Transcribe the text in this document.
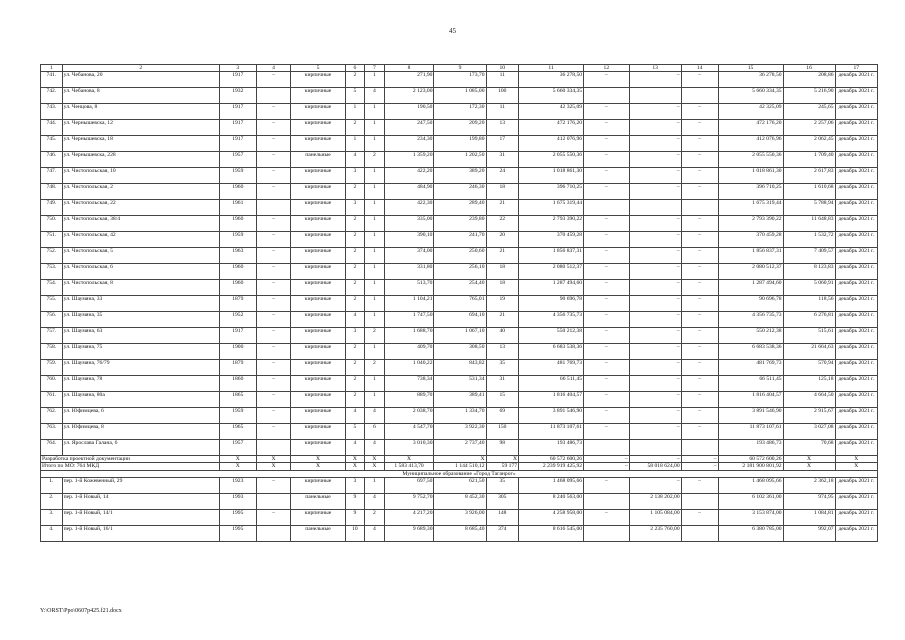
45
1	2	3	4	5	6	7	8	9	10	11	12	13	14	15	16	17
741.	ул. Чебанова, 20	1917	–	кирпичные	2	1	271,90	173,70	11	36 278,50	–	–	–	36 278,50	208,86	декабрь 2021 г.
742.	ул. Чебанова, 8	1932		кирпичные	5	4	2 123,00	1 085,00	100	5 660 334,35				5 660 334,35	5 216,90	декабрь 2021 г.
743.	ул. Ченцова, 8	1917	–	кирпичные	1	1	190,50	172,30	11	42 325,09	–	–	–	42 325,09	245,65	декабрь 2021 г.
744.	ул. Чернышевска, 12	1917	–	кирпичные	2	1	247,50	209,20	13	472 176,20	–	–	–	472 176,20	2 257,06	декабрь 2021 г.
745.	ул. Чернышевска, 18	1917	–	кирпичные	1	1	234,30	199,80	17	412 076,96	–	–	–	412 076,96	2 062,45	декабрь 2021 г.
746.	ул. Чернышевска, 228	1957	–	панельные	4	2	1 359,20	1 202,50	31	2 055 550,36	–	–	–	2 055 550,36	1 709,40	декабрь 2021 г.
747.	ул. Чистопольская, 10	1959	–	кирпичные	3	1	422,20	389,20	24	1 018 861,30	–	–	–	1 018 861,30	2 617,83	декабрь 2021 г.
748.	ул. Чистопольская, 2	1960	–	кирпичные	2	1	484,90	246,30	18	396 710,25	–	–	–	396 710,25	1 610,68	декабрь 2021 г.
749.	ул. Чистопольская, 22	1961		кирпичные	3	1	422,30	289,40	21	1 675 319,44				1 675 319,44	5 788,94	декабрь 2021 г.
750.	ул. Чистопольская, 38/4	1960	–	кирпичные	2	1	335,00	239,80	22	2 793 390,22	–	–	–	2 793 390,22	11 648,83	декабрь 2021 г.
751.	ул. Чистопольская, 42	1959	–	кирпичные	2	1	390,10	241,70	20	370 459,28	–	–	–	370 459,28	1 532,72	декабрь 2021 г.
752.	ул. Чистопольская, 5	1963	–	кирпичные	2	1	374,00	250,60	21	1 856 837,31	–	–	–	1 856 837,31	7 409,57	декабрь 2021 г.
753.	ул. Чистопольская, 6	1960	–	кирпичные	2	1	331,80	256,10	18	2 080 512,37	–	–	–	2 080 512,37	8 123,83	декабрь 2021 г.
754.	ул. Чистопольская, 8	1960	–	кирпичные	2	1	513,70	254,40	18	1 287 494,60	–	–	–	1 287 494,60	5 060,91	декабрь 2021 г.
755.	ул. Шаумяна, 33	1879	–	кирпичные	2	1	1 104,21	765,01	19	90 696,78	–	–	–	90 696,78	118,56	декабрь 2021 г.
756.	ул. Шаумяна, 35	1952	–	кирпичные	4	1	1 747,50	694,10	21	4 356 735,73	–	–	–	4 356 735,73	6 276,81	декабрь 2021 г.
757.	ул. Шаумяна, 63	1917	–	кирпичные	3	2	1 688,70	1 067,10	40	550 212,38	–	–	–	550 212,38	515,61	декабрь 2021 г.
758.	ул. Шаумяна, 75	1900	–	кирпичные	2	1	409,70	308,50	13	6 683 538,36	–	–	–	6 683 538,36	21 664,63	декабрь 2021 г.
759.	ул. Шаумяна, 76/79	1879	–	кирпичные	2	2	1 040,22	843,82	35	481 769,73	–	–	–	481 769,73	570,94	декабрь 2021 г.
760.	ул. Шаумяна, 78	1860	–	кирпичные	2	1	738,34	531,34	31	66 511,45	–	–	–	66 511,45	125,18	декабрь 2021 г.
761.	ул. Шаумяна, 80а	1865	–	кирпичные	2	1	889,70	389,41	15	1 816 404,57	–	–	–	1 816 404,57	4 664,50	декабрь 2021 г.
762.	ул. Юфимцева, 6	1959	–	кирпичные	4	4	2 038,70	1 334,70	69	3 891 546,90	–	–	–	3 891 546,90	2 915,67	декабрь 2021 г.
763.	ул. Юфимцева, 8	1965	–	кирпичные	5	6	4 547,70	3 922,30	150	11 873 107,61	–	–	–	11 873 107,61	3 027,08	декабрь 2021 г.
764.	ул. Ярослава Галана, 6	1957		кирпичные	4	4	3 010,30	2 737,40	98	193 486,73				193 486,73	70,68	декабрь 2021 г.
Разработка проектной документации		X	X	X	X	X	X	X	X	60 572 600,26	–	–	–	60 572 600,26	X	X
Итого по МО: 764 МКД		X	X	X	X	X	1 583 413,70	1 144 510,12	59 177	2 239 919 425,92	–	58 018 624,00	–	2 181 900 801,92	X	X
Муниципальное образование «Город Таганрог»																
1.	пер. 1-й Кожевенный, 29	1923	–	кирпичные	3	1	697,50	621,50	35	1 468 095,66	–	–	–	1 468 095,66	2 362,18	декабрь 2021 г.
2.	пер. 1-й Новый, 14	1993		панельные	9	4	9 752,70	8 452,30	305	8 240 563,00		2 138 202,00		6 102 361,00	974,95	декабрь 2021 г.
3.	пер. 1-й Новый, 14/1	1995	–	кирпичные	9	2	4 217,20	3 926,00	148	4 258 958,00	–	1 105 084,00	–	3 153 874,00	1 084,81	декабрь 2021 г.
4.	пер. 1-й Новый, 16/1	1995		панельные	10	4	9 689,30	8 685,40	374	8 616 545,00		2 235 760,00		6 380 785,00	992,07	декабрь 2021 г.
Y:\ORST\Ppo\0607p425.f21.docx
